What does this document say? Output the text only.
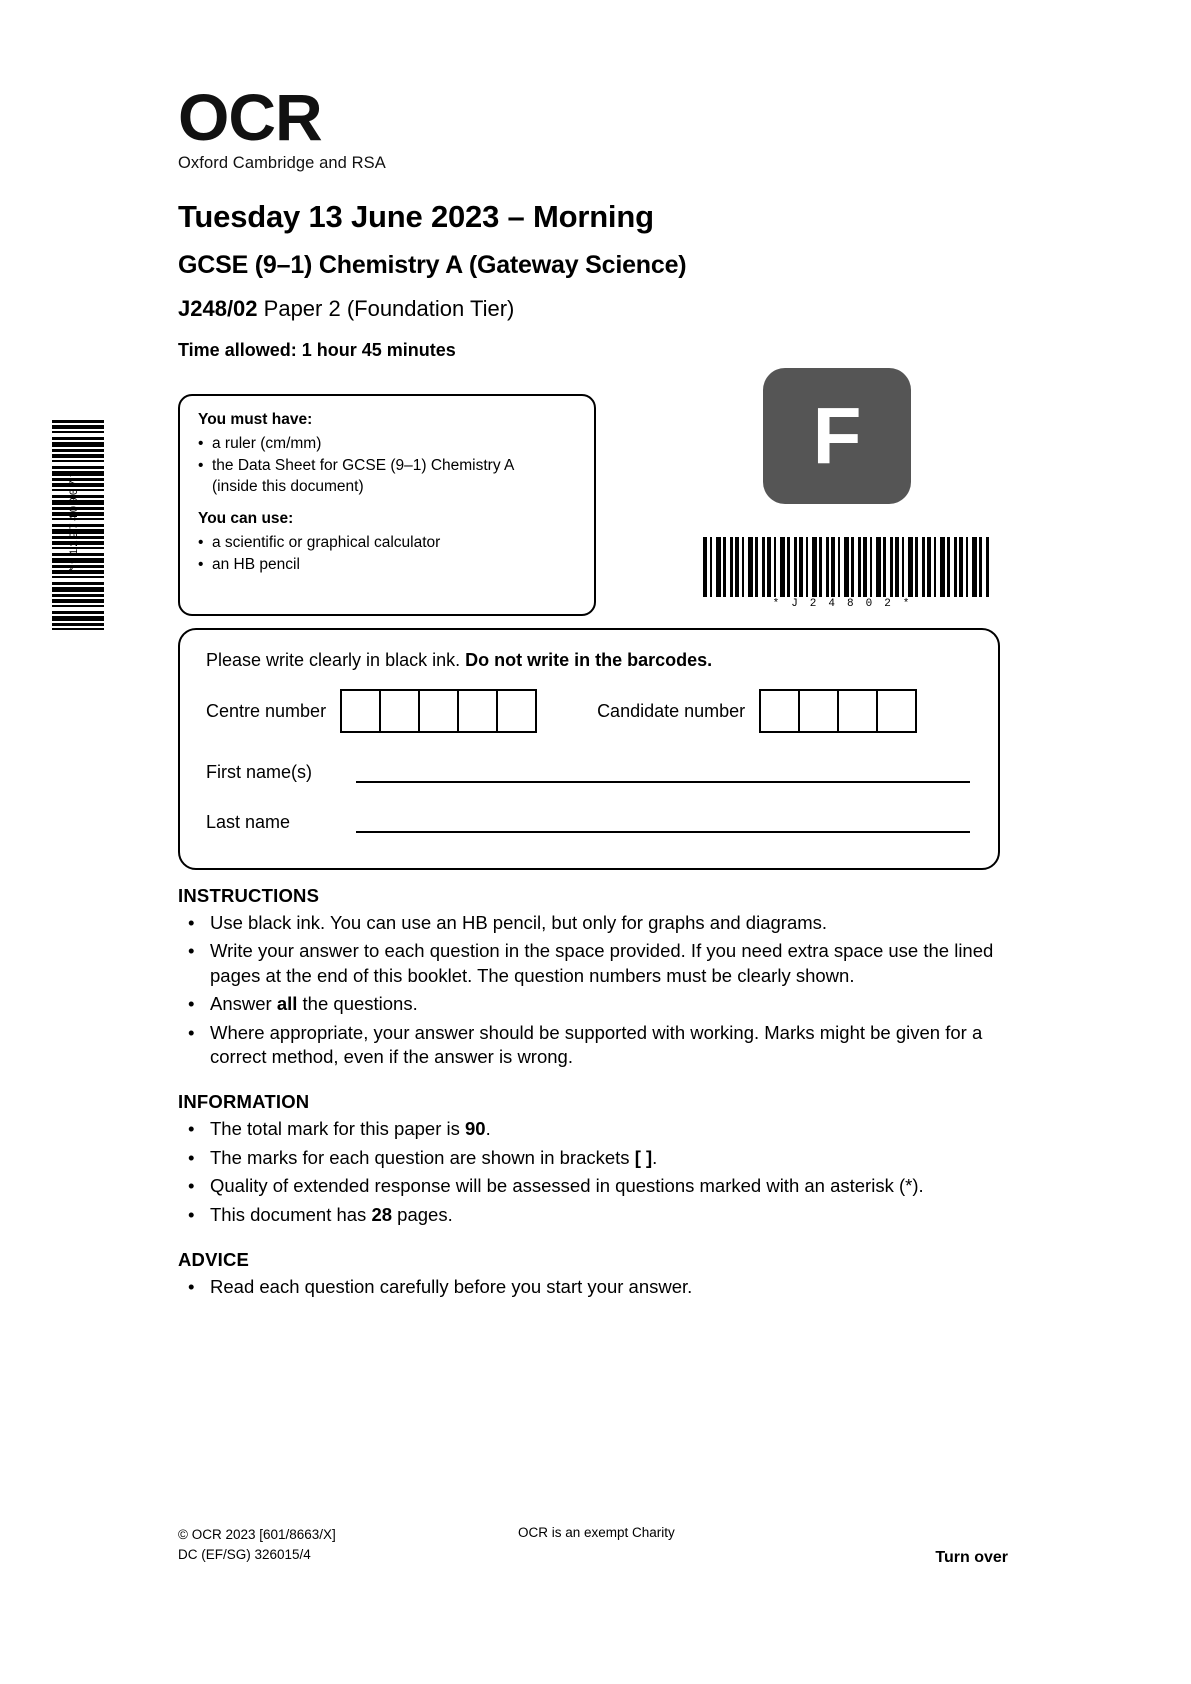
*9129740907*
OCR
Oxford Cambridge and RSA
Tuesday 13 June 2023 – Morning
GCSE (9–1) Chemistry A (Gateway Science)
J248/02 Paper 2 (Foundation Tier)
Time allowed: 1 hour 45 minutes
You must have:
• a ruler (cm/mm)
• the Data Sheet for GCSE (9–1) Chemistry A
(inside this document)
You can use:
• a scientific or graphical calculator
• an HB pencil
F
*J24802*
Please write clearly in black ink. Do not write in the barcodes.
Centre number	Candidate number
First name(s)
Last name
INSTRUCTIONS
• Use black ink. You can use an HB pencil, but only for graphs and diagrams.
• Write your answer to each question in the space provided. If you need extra space use the lined pages at the end of this booklet. The question numbers must be clearly shown.
• Answer all the questions.
• Where appropriate, your answer should be supported with working. Marks might be given for a correct method, even if the answer is wrong.
INFORMATION
• The total mark for this paper is 90.
• The marks for each question are shown in brackets [ ].
• Quality of extended response will be assessed in questions marked with an asterisk (*).
• This document has 28 pages.
ADVICE
• Read each question carefully before you start your answer.
© OCR 2023 [601/8663/X]
DC (EF/SG) 326015/4
OCR is an exempt Charity
Turn over
